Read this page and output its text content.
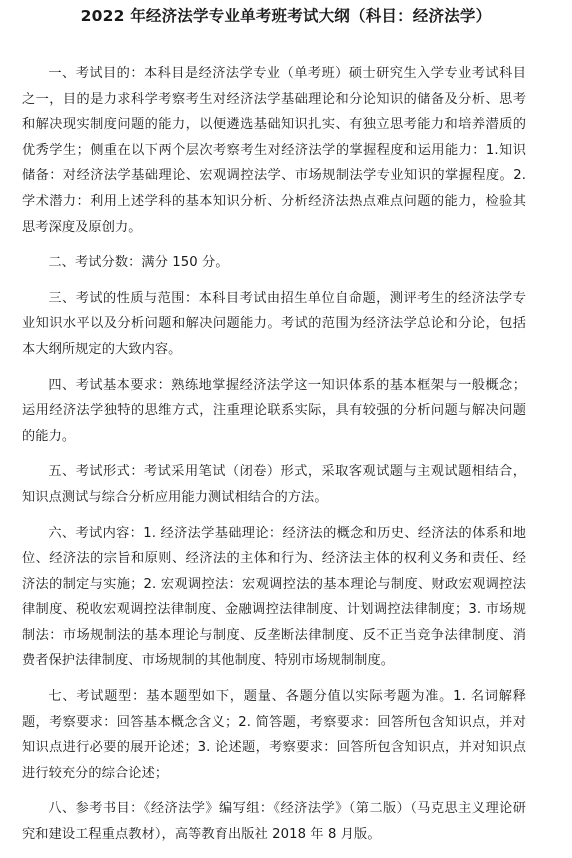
2022 年经济法学专业单考班考试大纲（科目：经济法学）

一、考试目的：本科目是经济法学专业（单考班）硕士研究生入学专业考试科目之一，目的是力求科学考察考生对经济法学基础理论和分论知识的储备及分析、思考和解决现实制度问题的能力，以便遴选基础知识扎实、有独立思考能力和培养潜质的优秀学生；侧重在以下两个层次考察考生对经济法学的掌握程度和运用能力：1.知识储备：对经济法学基础理论、宏观调控法学、市场规制法学专业知识的掌握程度。2.学术潜力：利用上述学科的基本知识分析、分析经济法热点难点问题的能力，检验其思考深度及原创力。

二、考试分数：满分 150 分。

三、考试的性质与范围：本科目考试由招生单位自命题，测评考生的经济法学专业知识水平以及分析问题和解决问题能力。考试的范围为经济法学总论和分论，包括本大纲所规定的大致内容。

四、考试基本要求：熟练地掌握经济法学这一知识体系的基本框架与一般概念；运用经济法学独特的思维方式，注重理论联系实际，具有较强的分析问题与解决问题的能力。

五、考试形式：考试采用笔试（闭卷）形式，采取客观试题与主观试题相结合，知识点测试与综合分析应用能力测试相结合的方法。

六、考试内容：1. 经济法学基础理论：经济法的概念和历史、经济法的体系和地位、经济法的宗旨和原则、经济法的主体和行为、经济法主体的权利义务和责任、经济法的制定与实施；2. 宏观调控法：宏观调控法的基本理论与制度、财政宏观调控法律制度、税收宏观调控法律制度、金融调控法律制度、计划调控法律制度；3. 市场规制法：市场规制法的基本理论与制度、反垄断法律制度、反不正当竞争法律制度、消费者保护法律制度、市场规制的其他制度、特别市场规制制度。

七、考试题型：基本题型如下，题量、各题分值以实际考题为准。1. 名词解释题，考察要求：回答基本概念含义；2. 简答题，考察要求：回答所包含知识点，并对知识点进行必要的展开论述；3. 论述题，考察要求：回答所包含知识点，并对知识点进行较充分的综合论述；

八、参考书目：《经济法学》编写组：《经济法学》（第二版）（马克思主义理论研究和建设工程重点教材），高等教育出版社 2018 年 8 月版。
